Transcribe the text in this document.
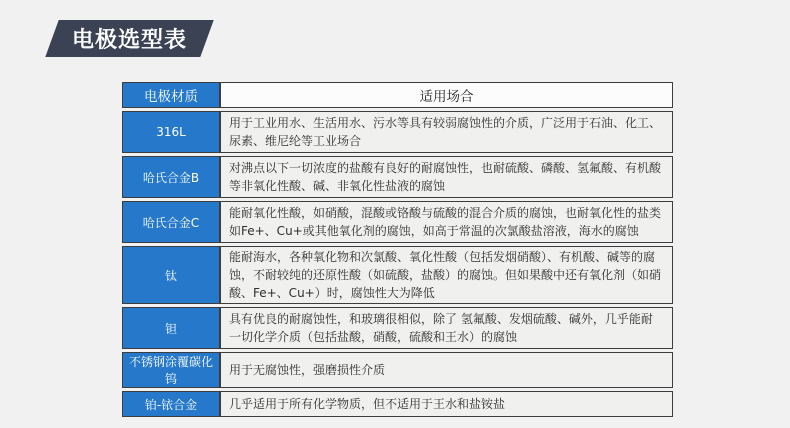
电极选型表
电极材质	适用场合
316L	用于工业用水、生活用水、污水等具有较弱腐蚀性的介质，广泛用于石油、化工、尿素、维尼纶等工业场合
哈氏合金B	对沸点以下一切浓度的盐酸有良好的耐腐蚀性，也耐硫酸、磷酸、氢氟酸、有机酸等非氧化性酸、碱、非氧化性盐液的腐蚀
哈氏合金C	能耐氧化性酸，如硝酸，混酸或铬酸与硫酸的混合介质的腐蚀，也耐氧化性的盐类如Fe+、Cu+或其他氧化剂的腐蚀，如高于常温的次氯酸盐溶液，海水的腐蚀
钛	能耐海水，各种氧化物和次氯酸、氧化性酸（包括发烟硝酸）、有机酸、碱等的腐蚀，不耐较纯的还原性酸（如硫酸，盐酸）的腐蚀。但如果酸中还有氧化剂（如硝酸、Fe+、Cu+）时，腐蚀性大为降低
钽	具有优良的耐腐蚀性，和玻璃很相似，除了 氢氟酸、发烟硫酸、碱外，几乎能耐一切化学介质（包括盐酸，硝酸，硫酸和王水）的腐蚀
不锈钢涂覆碳化钨	用于无腐蚀性，强磨损性介质
铂-铱合金	几乎适用于所有化学物质，但不适用于王水和盐铵盐
